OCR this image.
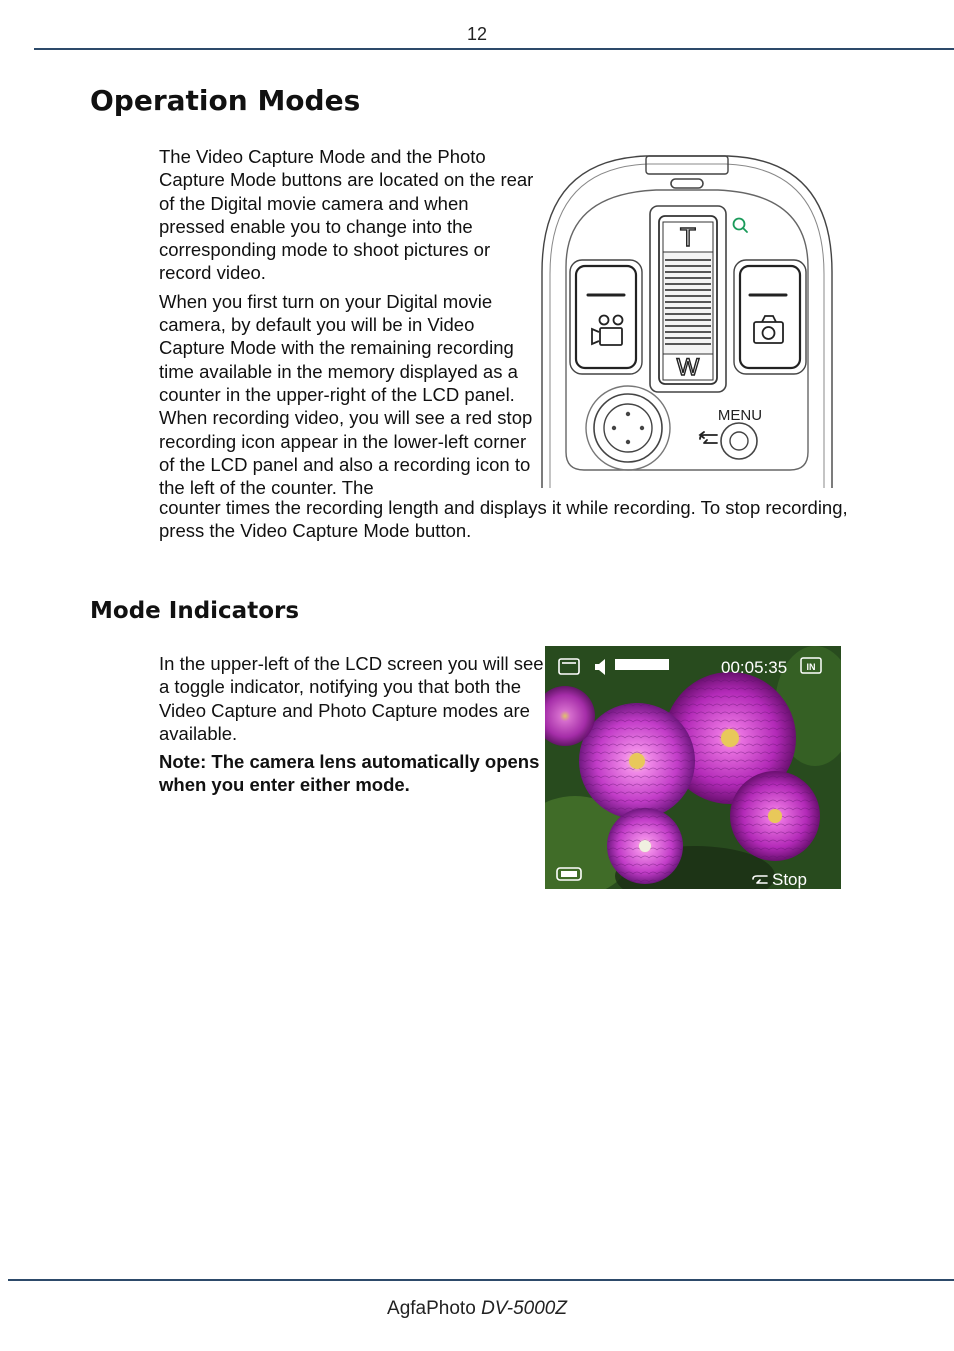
12
Operation Modes

The Video Capture Mode and the Photo Capture Mode buttons are located on the rear of the Digital movie camera and when pressed enable you to change into the corresponding mode to shoot pictures or record video.

When you first turn on your Digital movie camera, by default you will be in Video Capture Mode with the remaining recording time available in the memory displayed as a counter in the upper-right of the LCD panel. When recording video, you will see a red stop recording icon appear in the lower-left corner of the LCD panel and also a recording icon to the left of the counter. The

counter times the recording length and displays it while recording. To stop recording, press the Video Capture Mode button.

T
W
MENU
Mode Indicators

In the upper-left of the LCD screen you will see a toggle indicator, notifying you that both the Video Capture and Photo Capture modes are available.

Note: The camera lens automatically opens when you enter either mode.

00:05:35 IN
Stop
AgfaPhoto DV-5000Z
